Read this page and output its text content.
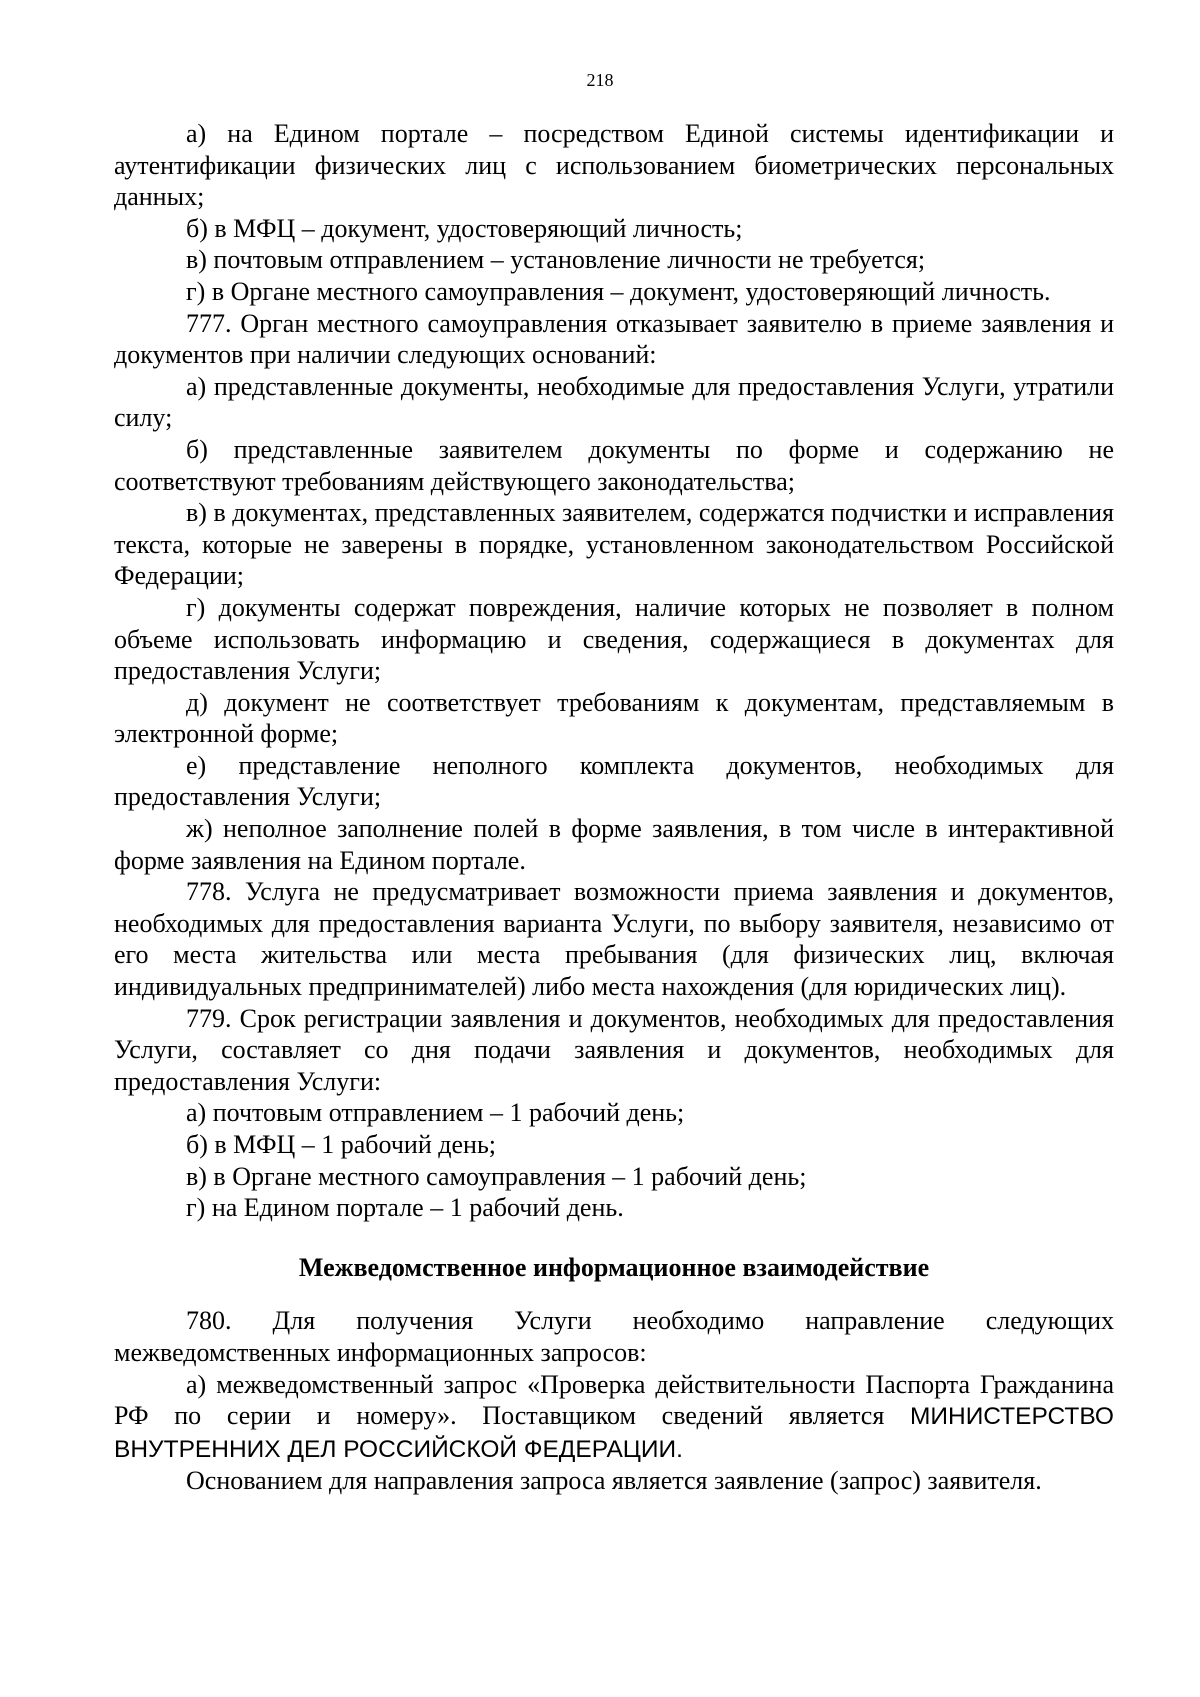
218

а) на Едином портале – посредством Единой системы идентификации и аутентификации физических лиц с использованием биометрических персональных данных;

б) в МФЦ – документ, удостоверяющий личность;

в) почтовым отправлением – установление личности не требуется;

г) в Органе местного самоуправления – документ, удостоверяющий личность.

777. Орган местного самоуправления отказывает заявителю в приеме заявления и документов при наличии следующих оснований:

а) представленные документы, необходимые для предоставления Услуги, утратили силу;

б) представленные заявителем документы по форме и содержанию не соответствуют требованиям действующего законодательства;

в) в документах, представленных заявителем, содержатся подчистки и исправления текста, которые не заверены в порядке, установленном законодательством Российской Федерации;

г) документы содержат повреждения, наличие которых не позволяет в полном объеме использовать информацию и сведения, содержащиеся в документах для предоставления Услуги;

д) документ не соответствует требованиям к документам, представляемым в электронной форме;

е) представление неполного комплекта документов, необходимых для предоставления Услуги;

ж) неполное заполнение полей в форме заявления, в том числе в интерактивной форме заявления на Едином портале.

778. Услуга не предусматривает возможности приема заявления и документов, необходимых для предоставления варианта Услуги, по выбору заявителя, независимо от его места жительства или места пребывания (для физических лиц, включая индивидуальных предпринимателей) либо места нахождения (для юридических лиц).

779. Срок регистрации заявления и документов, необходимых для предоставления Услуги, составляет со дня подачи заявления и документов, необходимых для предоставления Услуги:

а) почтовым отправлением – 1 рабочий день;

б) в МФЦ – 1 рабочий день;

в) в Органе местного самоуправления – 1 рабочий день;

г) на Едином портале – 1 рабочий день.

Межведомственное информационное взаимодействие

780. Для получения Услуги необходимо направление следующих межведомственных информационных запросов:

а) межведомственный запрос «Проверка действительности Паспорта Гражданина РФ по серии и номеру». Поставщиком сведений является МИНИСТЕРСТВО ВНУТРЕННИХ ДЕЛ РОССИЙСКОЙ ФЕДЕРАЦИИ.

Основанием для направления запроса является заявление (запрос) заявителя.
